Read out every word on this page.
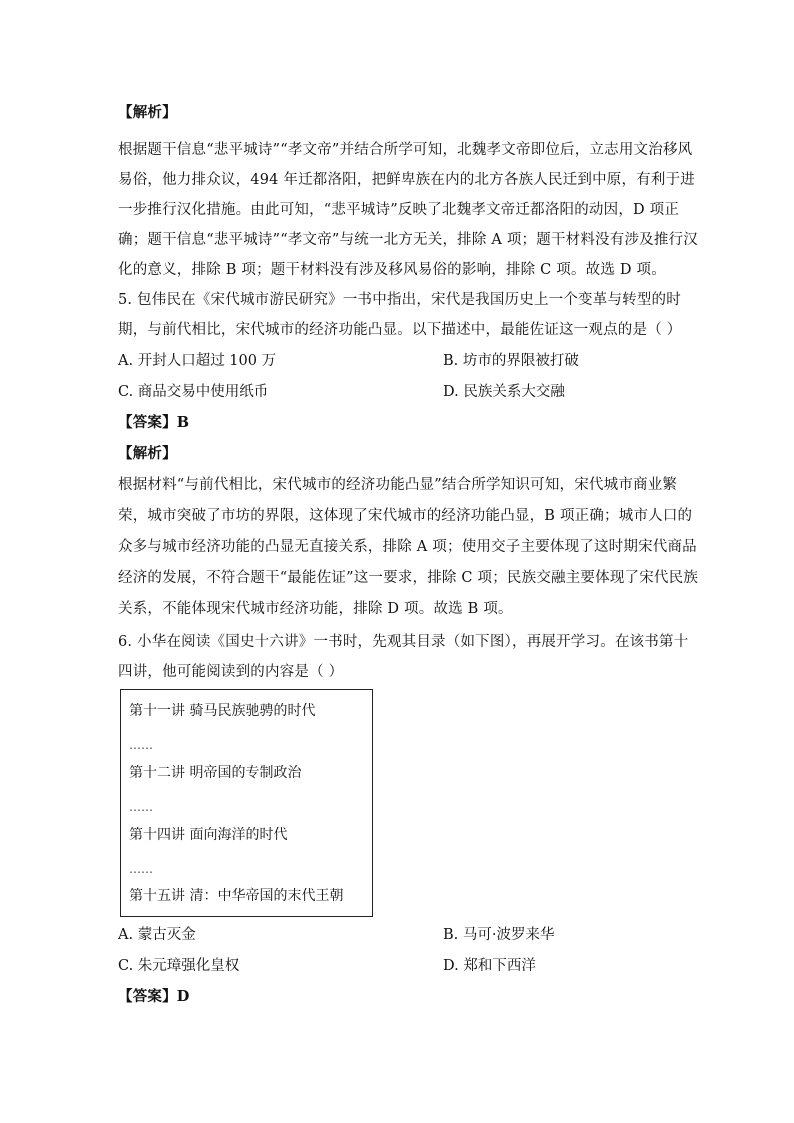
【解析】
根据题干信息“悲平城诗”“孝文帝”并结合所学可知，北魏孝文帝即位后，立志用文治移风
易俗，他力排众议，494 年迁都洛阳，把鲜卑族在内的北方各族人民迁到中原，有利于进
一步推行汉化措施。由此可知，“悲平城诗”反映了北魏孝文帝迁都洛阳的动因，D 项正
确；题干信息“悲平城诗”“孝文帝”与统一北方无关，排除 A 项；题干材料没有涉及推行汉
化的意义，排除 B 项；题干材料没有涉及移风易俗的影响，排除 C 项。故选 D 项。
5. 包伟民在《宋代城市游民研究》一书中指出，宋代是我国历史上一个变革与转型的时
期，与前代相比，宋代城市的经济功能凸显。以下描述中，最能佐证这一观点的是（ ）
A. 开封人口超过 100 万	B. 坊市的界限被打破
C. 商品交易中使用纸币	D. 民族关系大交融
【答案】B
【解析】
根据材料“与前代相比，宋代城市的经济功能凸显”结合所学知识可知，宋代城市商业繁
荣，城市突破了市坊的界限，这体现了宋代城市的经济功能凸显，B 项正确；城市人口的
众多与城市经济功能的凸显无直接关系，排除 A 项；使用交子主要体现了这时期宋代商品
经济的发展，不符合题干“最能佐证”这一要求，排除 C 项；民族交融主要体现了宋代民族
关系，不能体现宋代城市经济功能，排除 D 项。故选 B 项。
6. 小华在阅读《国史十六讲》一书时，先观其目录（如下图），再展开学习。在该书第十
四讲，他可能阅读到的内容是（ ）
第十一讲 骑马民族驰骋的时代
……
第十二讲 明帝国的专制政治
……
第十四讲 面向海洋的时代
……
第十五讲 清：中华帝国的末代王朝
A. 蒙古灭金	B. 马可·波罗来华
C. 朱元璋强化皇权	D. 郑和下西洋
【答案】D
